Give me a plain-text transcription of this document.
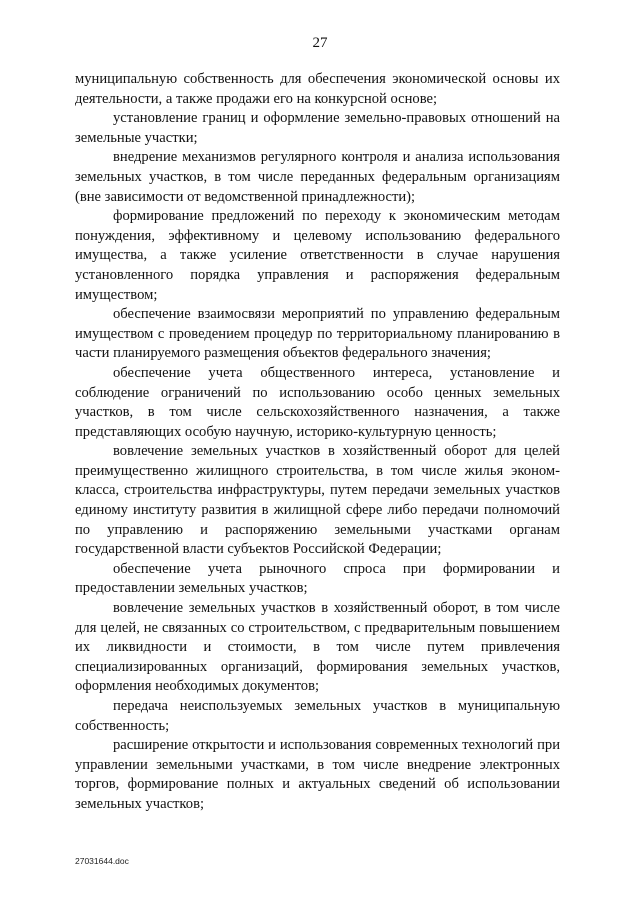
27

муниципальную собственность для обеспечения экономической основы их деятельности, а также продажи его на конкурсной основе;

установление границ и оформление земельно-правовых отношений на земельные участки;

внедрение механизмов регулярного контроля и анализа использования земельных участков, в том числе переданных федеральным организациям (вне зависимости от ведомственной принадлежности);

формирование предложений по переходу к экономическим методам понуждения, эффективному и целевому использованию федерального имущества, а также усиление ответственности в случае нарушения установленного порядка управления и распоряжения федеральным имуществом;

обеспечение взаимосвязи мероприятий по управлению федеральным имуществом с проведением процедур по территориальному планированию в части планируемого размещения объектов федерального значения;

обеспечение учета общественного интереса, установление и соблюдение ограничений по использованию особо ценных земельных участков, в том числе сельскохозяйственного назначения, а также представляющих особую научную, историко-культурную ценность;

вовлечение земельных участков в хозяйственный оборот для целей преимущественно жилищного строительства, в том числе жилья эконом-класса, строительства инфраструктуры, путем передачи земельных участков единому институту развития в жилищной сфере либо передачи полномочий по управлению и распоряжению земельными участками органам государственной власти субъектов Российской Федерации;

обеспечение учета рыночного спроса при формировании и предоставлении земельных участков;

вовлечение земельных участков в хозяйственный оборот, в том числе для целей, не связанных со строительством, с предварительным повышением их ликвидности и стоимости, в том числе путем привлечения специализированных организаций, формирования земельных участков, оформления необходимых документов;

передача неиспользуемых земельных участков в муниципальную собственность;

расширение открытости и использования современных технологий при управлении земельными участками, в том числе внедрение электронных торгов, формирование полных и актуальных сведений об использовании земельных участков;

27031644.doc
